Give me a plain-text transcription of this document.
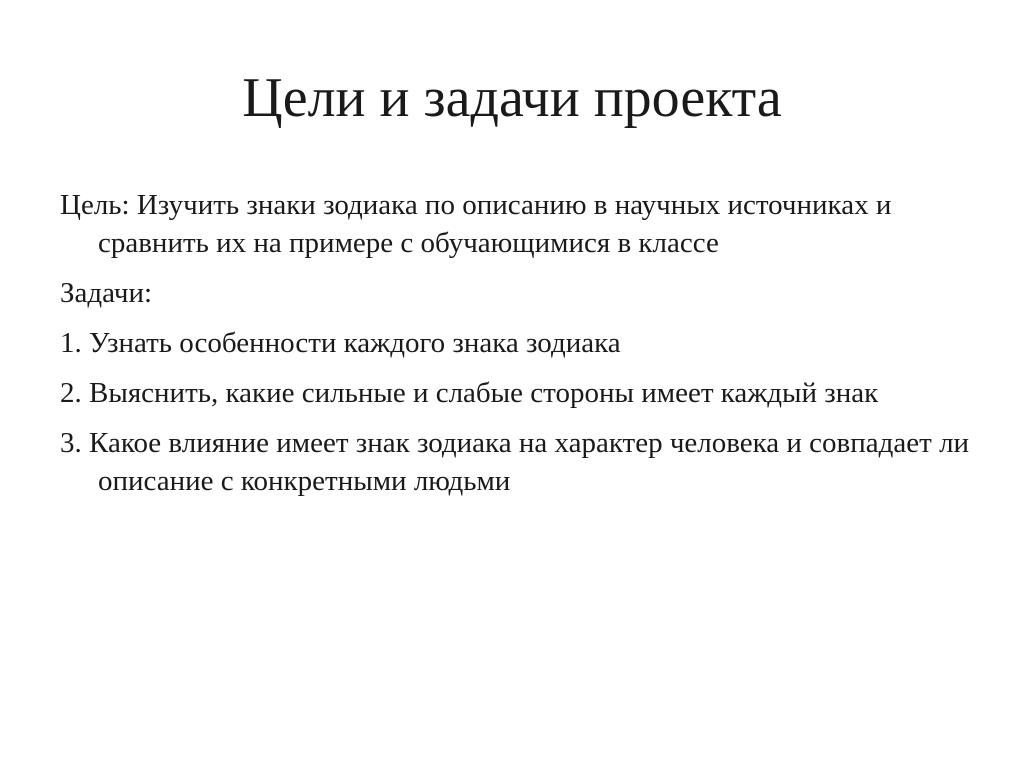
Цели и задачи проекта

Цель: Изучить знаки зодиака по описанию в научных источниках и сравнить их на примере с обучающимися в классе

Задачи:

1. Узнать особенности каждого знака зодиака

2. Выяснить, какие сильные и слабые стороны имеет каждый знак

3. Какое влияние имеет знак зодиака на характер человека и совпадает ли описание с конкретными людьми
